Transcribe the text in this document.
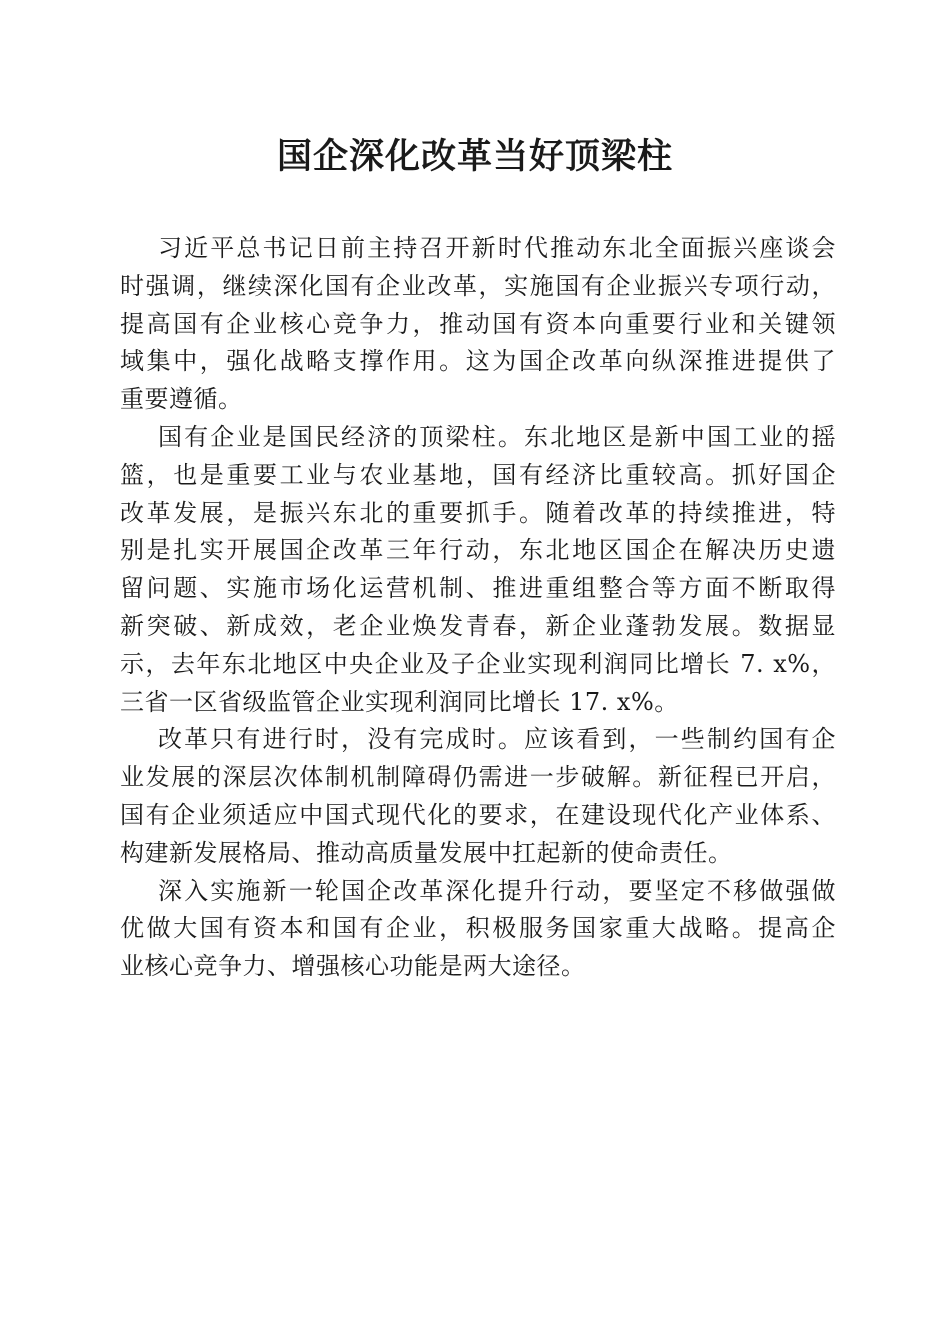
国企深化改革当好顶梁柱
习近平总书记日前主持召开新时代推动东北全面振兴座谈会
时强调，继续深化国有企业改革，实施国有企业振兴专项行动，
提高国有企业核心竞争力，推动国有资本向重要行业和关键领
域集中，强化战略支撑作用。这为国企改革向纵深推进提供了
重要遵循。
国有企业是国民经济的顶梁柱。东北地区是新中国工业的摇
篮，也是重要工业与农业基地，国有经济比重较高。抓好国企
改革发展，是振兴东北的重要抓手。随着改革的持续推进，特
别是扎实开展国企改革三年行动，东北地区国企在解决历史遗
留问题、实施市场化运营机制、推进重组整合等方面不断取得
新突破、新成效，老企业焕发青春，新企业蓬勃发展。数据显
示，去年东北地区中央企业及子企业实现利润同比增长 7. x%，
三省一区省级监管企业实现利润同比增长 17. x%。
改革只有进行时，没有完成时。应该看到，一些制约国有企
业发展的深层次体制机制障碍仍需进一步破解。新征程已开启，
国有企业须适应中国式现代化的要求，在建设现代化产业体系、
构建新发展格局、推动高质量发展中扛起新的使命责任。
深入实施新一轮国企改革深化提升行动，要坚定不移做强做
优做大国有资本和国有企业，积极服务国家重大战略。提高企
业核心竞争力、增强核心功能是两大途径。
